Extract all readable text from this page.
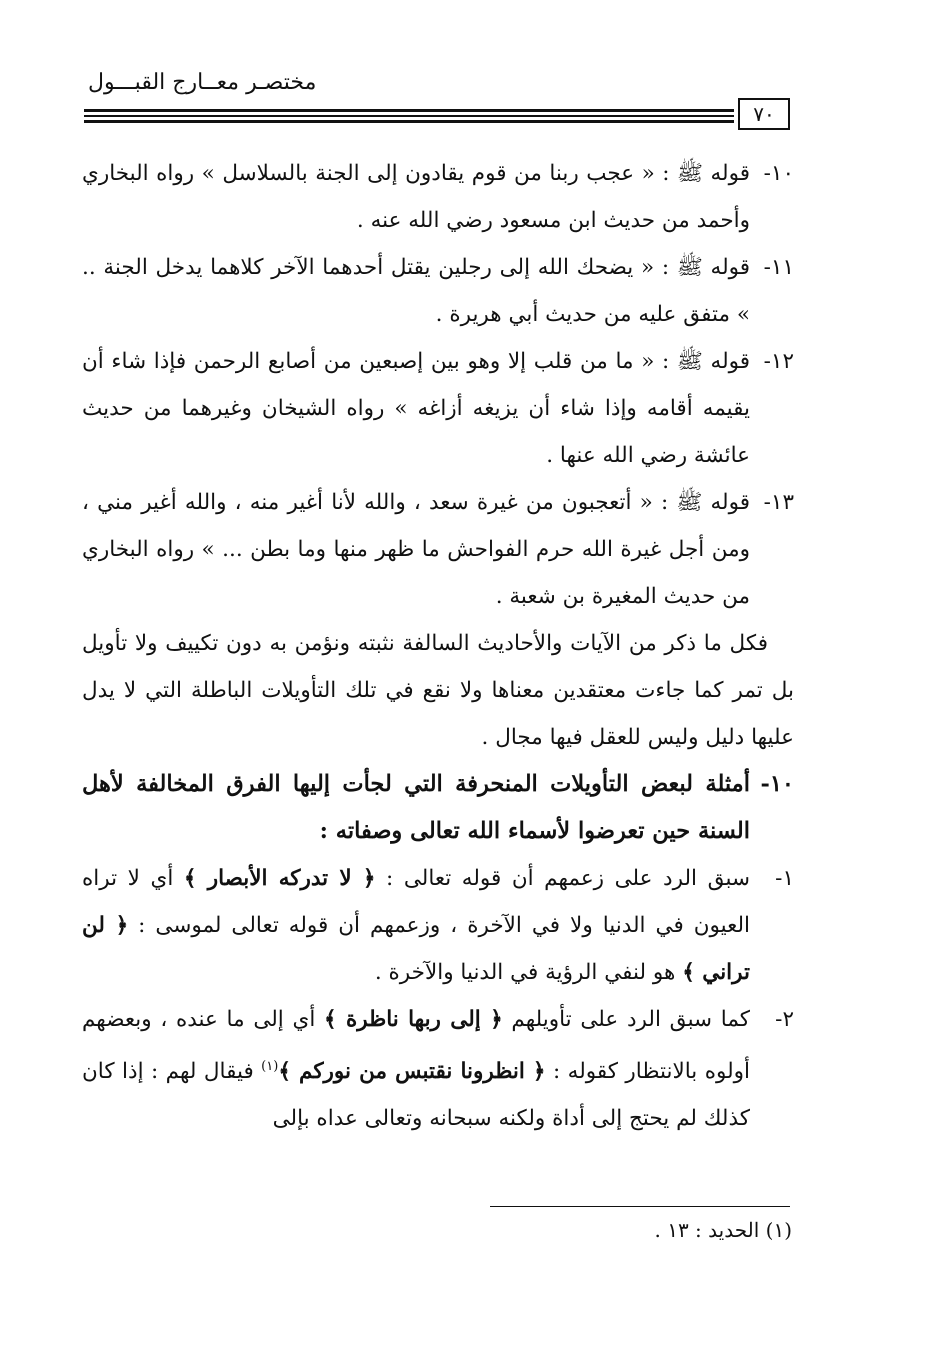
مختصـر معــارج القبـــول
٧٠

١٠-
قوله ﷺ : « عجب ربنا من قوم يقادون إلى الجنة بالسلاسل » رواه البخاري وأحمد من حديث ابن مسعود رضي الله عنه .

١١-
قوله ﷺ : « يضحك الله إلى رجلين يقتل أحدهما الآخر كلاهما يدخل الجنة .. » متفق عليه من حديث أبي هريرة .

١٢-
قوله ﷺ : « ما من قلب إلا وهو بين إصبعين من أصابع الرحمن فإذا شاء أن يقيمه أقامه وإذا شاء أن يزيغه أزاغه » رواه الشيخان وغيرهما من حديث عائشة رضي الله عنها .

١٣-
قوله ﷺ : « أتعجبون من غيرة سعد ، والله لأنا أغير منه ، والله أغير مني ، ومن أجل غيرة الله حرم الفواحش ما ظهر منها وما بطن ... » رواه البخاري من حديث المغيرة بن شعبة .

فكل ما ذكر من الآيات والأحاديث السالفة نثبته ونؤمن به دون تكييف ولا تأويل بل تمر كما جاءت معتقدين معناها ولا نقع في تلك التأويلات الباطلة التي لا يدل عليها دليل وليس للعقل فيها مجال .

١٠-
أمثلة لبعض التأويلات المنحرفة التي لجأت إليها الفرق المخالفة لأهل السنة حين تعرضوا لأسماء الله تعالى وصفاته :

١-
سبق الرد على زعمهم أن قوله تعالى : ﴿ لا تدركه الأبصار ﴾ أي لا تراه العيون في الدنيا ولا في الآخرة ، وزعمهم أن قوله تعالى لموسى : ﴿ لن تراني ﴾ هو لنفي الرؤية في الدنيا والآخرة .

٢-
كما سبق الرد على تأويلهم ﴿ إلى ربها ناظرة ﴾ أي إلى ما عنده ، وبعضهم أولوه بالانتظار كقوله : ﴿ انظرونا نقتبس من نوركم ﴾$^{(١)}$ فيقال لهم : إذا كان كذلك لم يحتج إلى أداة ولكنه سبحانه وتعالى عداه بإلى

(١) الحديد : ١٣ .
